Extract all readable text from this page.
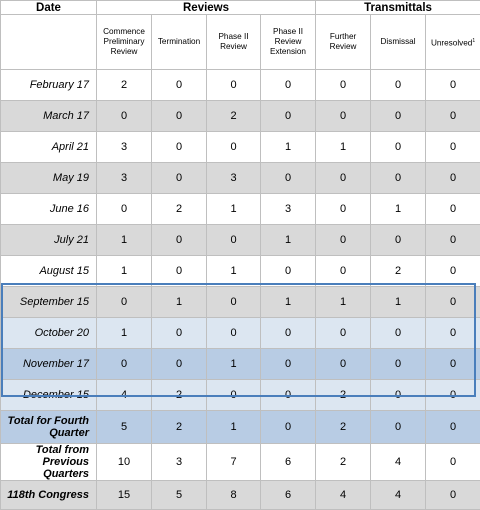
Date	Reviews				Transmittals		
	Commence Preliminary Review	Termination	Phase II Review	Phase II Review Extension	Further Review	Dismissal	Unresolved$^1$
February 17	2	0	0	0	0	0	0
March 17	0	0	2	0	0	0	0
April 21	3	0	0	1	1	0	0
May 19	3	0	3	0	0	0	0
June 16	0	2	1	3	0	1	0
July 21	1	0	0	1	0	0	0
August 15	1	0	1	0	0	2	0
September 15	0	1	0	1	1	1	0
October 20	1	0	0	0	0	0	0
November 17	0	0	1	0	0	0	0
December 15	4	2	0	0	2	0	0
Total for Fourth Quarter	5	2	1	0	2	0	0
Total from Previous Quarters	10	3	7	6	2	4	0
118th Congress	15	5	8	6	4	4	0
